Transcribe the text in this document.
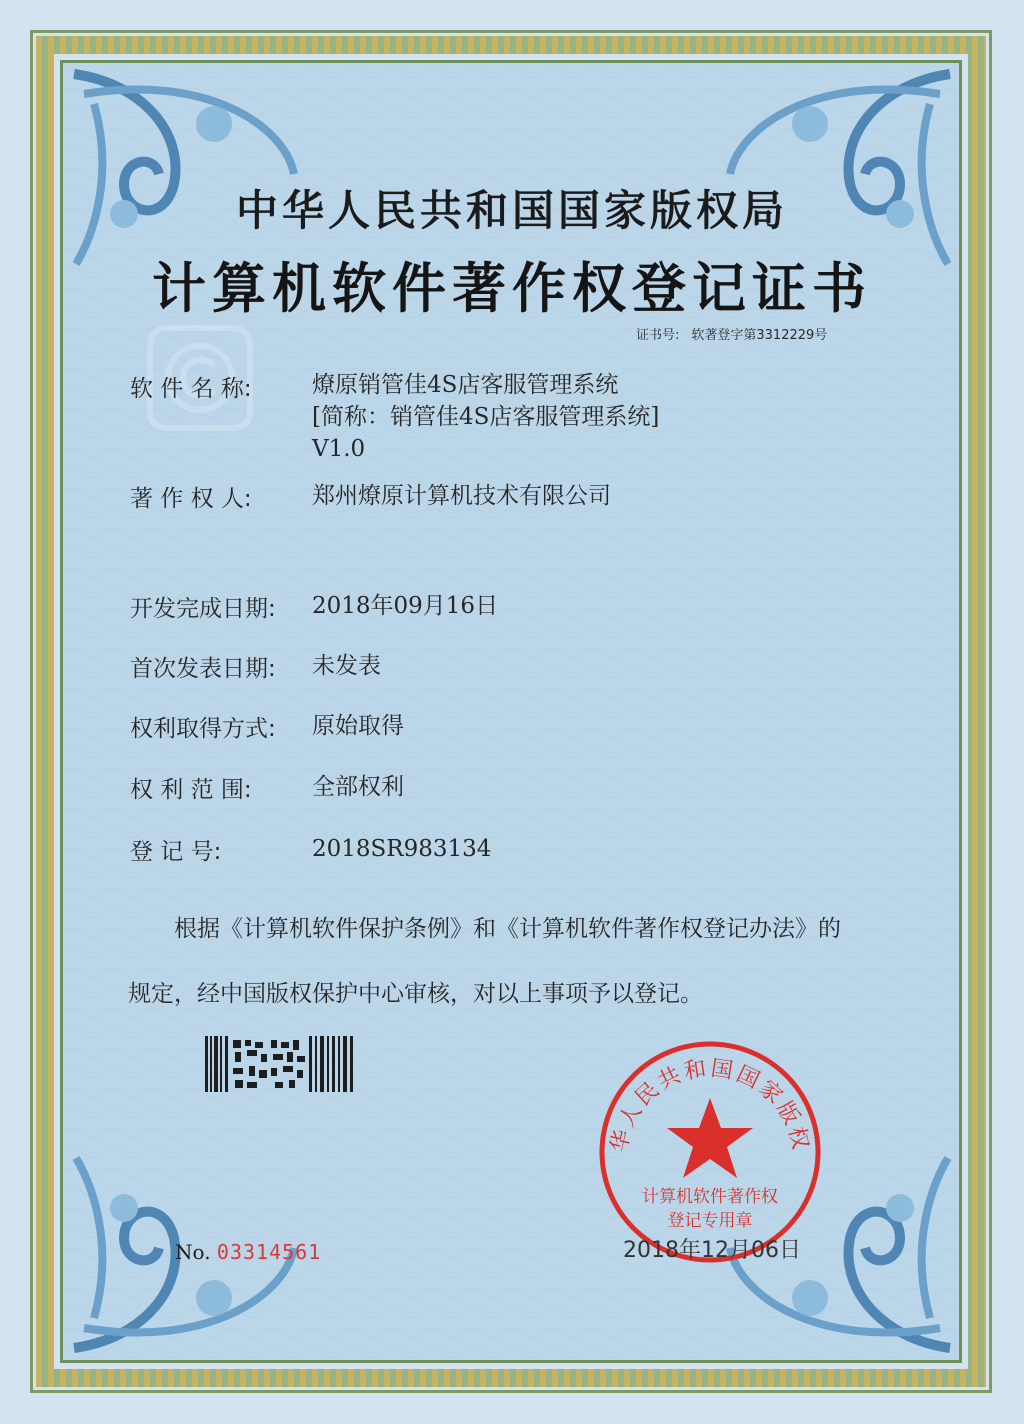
中华人民共和国国家版权局
计算机软件著作权登记证书
证书号: 软著登字第3312229号
软 件 名 称:	燎原销管佳4S店客服管理系统
[简称：销管佳4S店客服管理系统]
V1.0
著 作 权 人:	郑州燎原计算机技术有限公司
开发完成日期: 2018年09月16日
首次发表日期: 未发表
权利取得方式: 原始取得
权 利 范 围:	全部权利
登 记 号:	2018SR983134
根据《计算机软件保护条例》和《计算机软件著作权登记办法》的
规定，经中国版权保护中心审核，对以上事项予以登记。
华人民共和国国家版权
计算机软件著作权
登记专用章
No. 03314561	2018年12月06日
